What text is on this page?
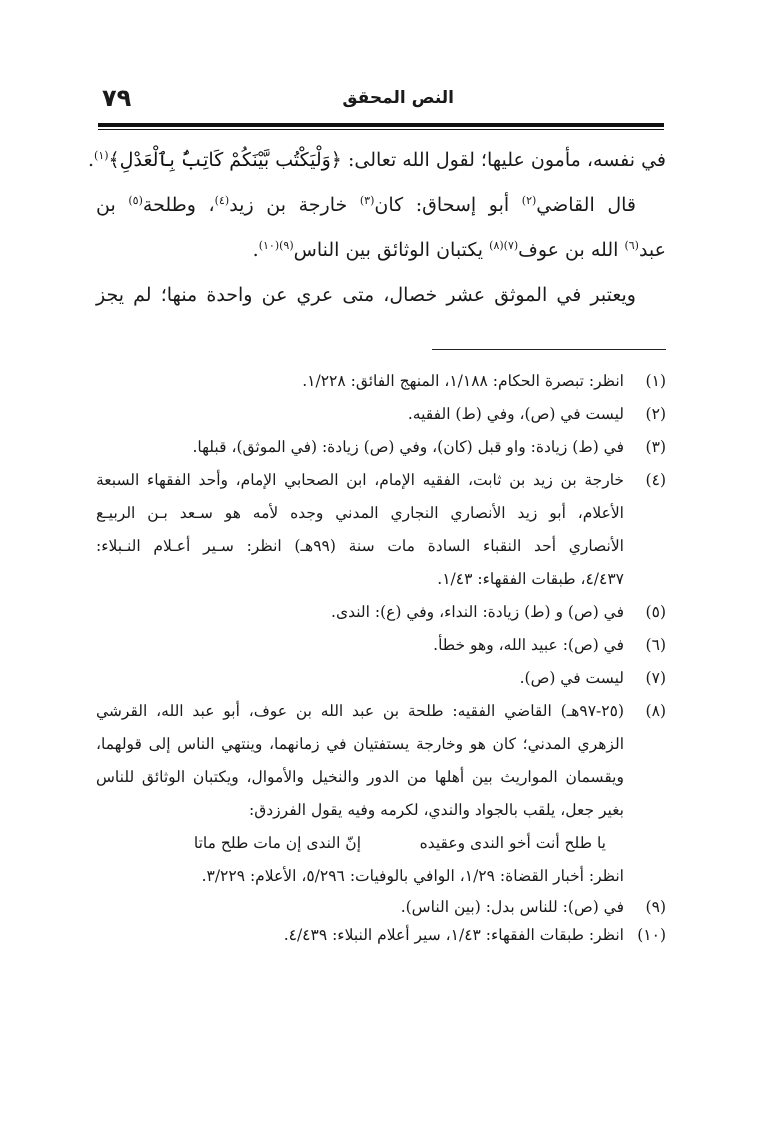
النص المحقق
٧٩
في نفسه، مأمون عليها؛ لقول الله تعالى: ﴿وَلْيَكْتُب بَّيْنَكُمْ كَاتِبٌۢ بِٱلْعَدْلِ﴾$^{(١)}$.
قال القاضي$^{(٢)}$ أبو إسحاق: كان$^{(٣)}$ خارجة بن زيد$^{(٤)}$، وطلحة$^{(٥)}$ بن
عبد$^{(٦)}$ الله بن عوف$^{(٧)(٨)}$ يكتبان الوثائق بين الناس$^{(٩)(١٠)}$.
ويعتبر في الموثق عشر خصال، متى عري عن واحدة منها؛ لم يجز
(١)
انظر: تبصرة الحكام: ١/١٨٨، المنهج الفائق: ١/٢٢٨.
(٢)
ليست في (ص)، وفي (ط) الفقيه.
(٣)
في (ط) زيادة: واو قبل (كان)، وفي (ص) زيادة: (في الموثق)، قبلها.
(٤)
خارجة بن زيد بن ثابت، الفقيه الإمام، ابن الصحابي الإمام، وأحد الفقهاء السبعة
الأعلام، أبو زيد الأنصاري النجاري المدني وجده لأمه هو سـعد بـن الربيـع
الأنصاري أحد النقباء السادة مات سنة (٩٩هـ) انظر: سـير أعـلام النـبلاء:
٤/٤٣٧، طبقات الفقهاء: ١/٤٣.
(٥)
في (ص) و (ط) زيادة: النداء، وفي (ع): الندى.
(٦)
في (ص): عبيد الله، وهو خطأ.
(٧)
ليست في (ص).
(٨)
(٢٥-٩٧هـ) القاضي الفقيه: طلحة بن عبد الله بن عوف، أبو عبد الله، القرشي
الزهري المدني؛ كان هو وخارجة يستفتيان في زمانهما، وينتهي الناس إلى قولهما،
ويقسمان المواريث بين أهلها من الدور والنخيل والأموال، ويكتبان الوثائق للناس
بغير جعل، يلقب بالجواد والندي، لكرمه وفيه يقول الفرزدق:
يا طلح أنت أخو الندى وعقيده
إنّ الندى إن مات طلح ماتا
انظر: أخبار القضاة: ١/٢٩، الوافي بالوفيات: ٥/٢٩٦، الأعلام: ٣/٢٢٩.
(٩)
في (ص): للناس بدل: (بين الناس).
(١٠)
انظر: طبقات الفقهاء: ١/٤٣، سير أعلام النبلاء: ٤/٤٣٩.
